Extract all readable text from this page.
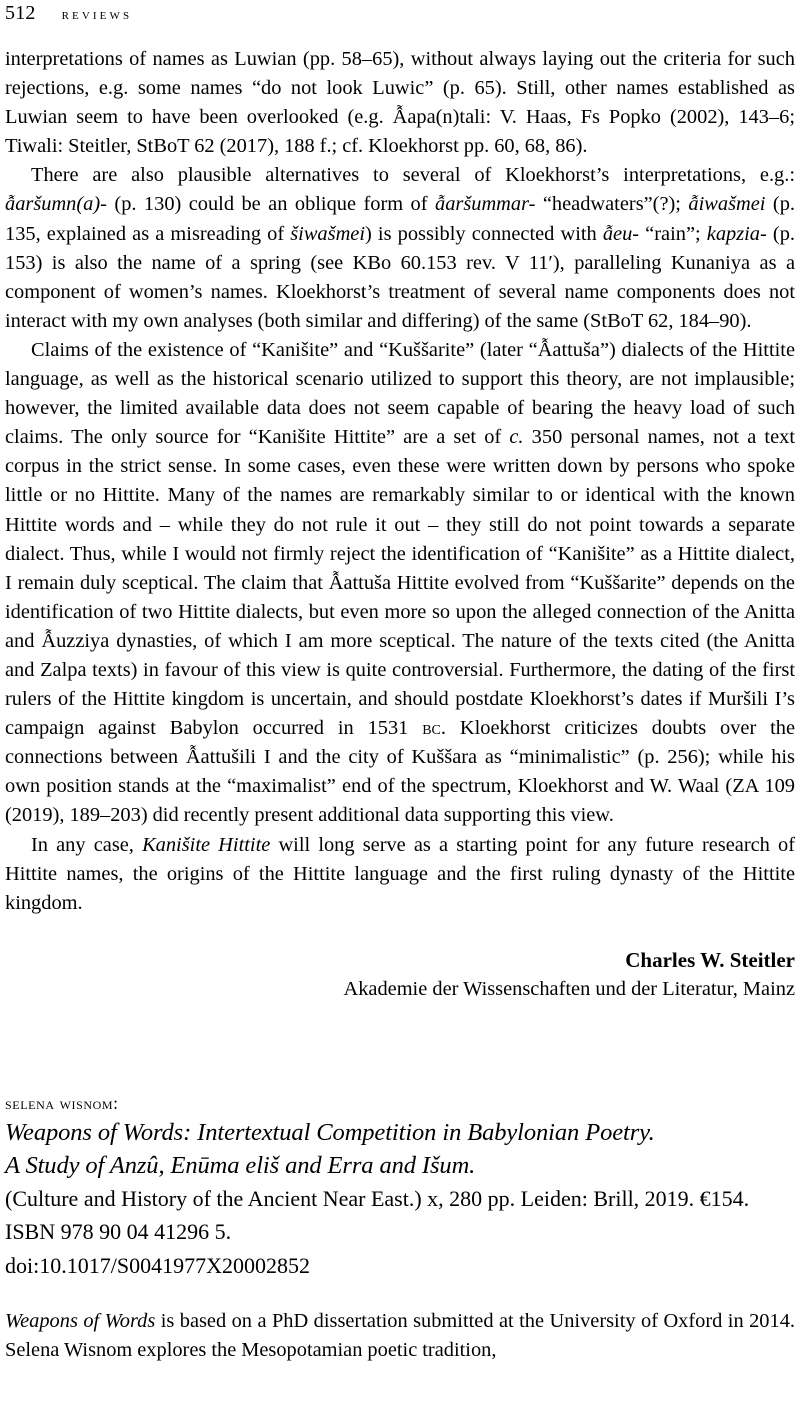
512 reviews

interpretations of names as Luwian (pp. 58–65), without always laying out the criteria for such rejections, e.g. some names “do not look Luwic” (p. 65). Still, other names established as Luwian seem to have been overlooked (e.g. Ẫapa(n)tali: V. Haas, Fs Popko (2002), 143–6; Tiwali: Steitler, StBoT 62 (2017), 188 f.; cf. Kloekhorst pp. 60, 68, 86).

There are also plausible alternatives to several of Kloekhorst’s interpretations, e.g.: ẫaršumn(a)- (p. 130) could be an oblique form of ẫaršummar- “headwaters”(?); ẫiwašmei (p. 135, explained as a misreading of šiwašmei) is possibly connected with ẫeu- “rain”; kapzia- (p. 153) is also the name of a spring (see KBo 60.153 rev. V 11′), paralleling Kunaniya as a component of women’s names. Kloekhorst’s treatment of several name components does not interact with my own analyses (both similar and differing) of the same (StBoT 62, 184–90).

Claims of the existence of “Kanišite” and “Kuššarite” (later “Ẫattuša”) dialects of the Hittite language, as well as the historical scenario utilized to support this theory, are not implausible; however, the limited available data does not seem capable of bearing the heavy load of such claims. The only source for “Kanišite Hittite” are a set of c. 350 personal names, not a text corpus in the strict sense. In some cases, even these were written down by persons who spoke little or no Hittite. Many of the names are remarkably similar to or identical with the known Hittite words and – while they do not rule it out – they still do not point towards a separate dialect. Thus, while I would not firmly reject the identification of “Kanišite” as a Hittite dialect, I remain duly sceptical. The claim that Ẫattuša Hittite evolved from “Kuššarite” depends on the identification of two Hittite dialects, but even more so upon the alleged connection of the Anitta and Ẫuzziya dynasties, of which I am more sceptical. The nature of the texts cited (the Anitta and Zalpa texts) in favour of this view is quite controversial. Furthermore, the dating of the first rulers of the Hittite kingdom is uncertain, and should postdate Kloekhorst’s dates if Muršili I’s campaign against Babylon occurred in 1531 bc. Kloekhorst criticizes doubts over the connections between Ẫattušili I and the city of Kuššara as “minimalistic” (p. 256); while his own position stands at the “maximalist” end of the spectrum, Kloekhorst and W. Waal (ZA 109 (2019), 189–203) did recently present additional data supporting this view.

In any case, Kanišite Hittite will long serve as a starting point for any future research of Hittite names, the origins of the Hittite language and the first ruling dynasty of the Hittite kingdom.

Charles W. Steitler
Akademie der Wissenschaften und der Literatur, Mainz
selena wisnom:
Weapons of Words: Intertextual Competition in Babylonian Poetry.
A Study of Anzû, Enūma eliš and Erra and Išum.
(Culture and History of the Ancient Near East.) x, 280 pp. Leiden: Brill, 2019. €154. ISBN 978 90 04 41296 5.
doi:10.1017/S0041977X20002852

Weapons of Words is based on a PhD dissertation submitted at the University of Oxford in 2014. Selena Wisnom explores the Mesopotamian poetic tradition,
